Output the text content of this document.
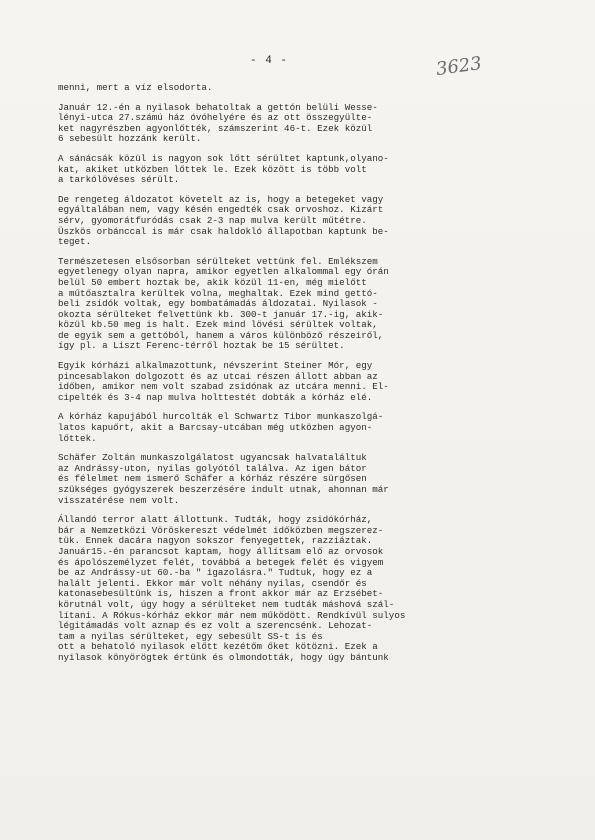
- 4 -	3623

menni, mert a víz elsodorta.

Január 12.-én a nyilasok behatoltak a gettón belüli Wesse-
lényi-utca 27.számú ház óvóhelyére és az ott összegyülte-
ket nagyrészben agyonlőtték, számszerint 46-t. Ezek közül
6 sebesült hozzánk került.

A sánácsák közül is nagyon sok lőtt sérültet kaptunk,olyano-
kat, akiket utközben lőttek le. Ezek között is több volt
a tarkólövéses sérült.

De rengeteg áldozatot követelt az is, hogy a betegeket vagy
egyáltalában nem, vagy késén engedték csak orvoshoz. Kizárt
sérv, gyomorátfuródás csak 2-3 nap mulva került műtétre.
Üszkös orbánccal is már csak haldokló állapotban kaptunk be-
teget.

Természetesen elsősorban sérülteket vettünk fel. Emlékszem
egyetlenegy olyan napra, amikor egyetlen alkalommal egy órán
belül 50 embert hoztak be, akik közül 11-en, még mielőtt
a műtőasztalra kerültek volna, meghaltak. Ezek mind gettó-
beli zsidók voltak, egy bombatámadás áldozatai. Nyilasok -
okozta sérülteket felvettünk kb. 300-t január 17.-ig, akik-
közül kb.50 meg is halt. Ezek mind lövési sérültek voltak,
de egyik sem a gettóból, hanem a város különböző részeiről,
így pl. a Liszt Ferenc-térről hoztak be 15 sérültet.

Egyik kórházi alkalmazottunk, névszerint Steiner Mór, egy
pincesablakon dolgozott és az utcai részen állott abban az
időben, amikor nem volt szabad zsidónak az utcára menni. El-
cipelték és 3-4 nap mulva holttestét dobták a kórház elé.

A kórház kapujából hurcolták el Schwartz Tibor munkaszolgá-
latos kapuőrt, akit a Barcsay-utcában még utközben agyon-
lőttek.

Schäfer Zoltán munkaszolgálatost ugyancsak halvataláltuk
az Andrássy-uton, nyilas golyótól találva. Az igen bátor
és félelmet nem ismerő Schäfer a kórház részére sürgősen
szükséges gyógyszerek beszerzésére indult utnak, ahonnan már
visszatérése nem volt.

Állandó terror alatt állottunk. Tudták, hogy zsidókórház,
bár a Nemzetközi Vöröskereszt védelmét időközben megszerez-
tük. Ennek dacára nagyon sokszor fenyegettek, razziáztak.
Január15.-én parancsot kaptam, hogy állítsam elő az orvosok
és ápolószemélyzet felét, továbbá a betegek felét és vigyem
be az Andrássy-ut 60.-ba " igazolásra." Tudtuk, hogy ez a
halált jelenti. Ekkor már volt néhány nyilas, csendőr és
katonasebesültünk is, hiszen a front akkor már az Erzsébet-
körutnál volt, úgy hogy a sérülteket nem tudták máshová szál-
lítani. A Rókus-kórház ekkor már nem működött. Rendkívül sulyos
légitámadás volt aznap és ez volt a szerencsénk. Lehozat-
tam a nyilas sérülteket, egy sebesült SS-t is és
ott a behatoló nyilasok előtt kezétőm őket kötözni. Ezek a
nyilasok könyörögtek értünk és olmondották, hogy úgy bántunk
